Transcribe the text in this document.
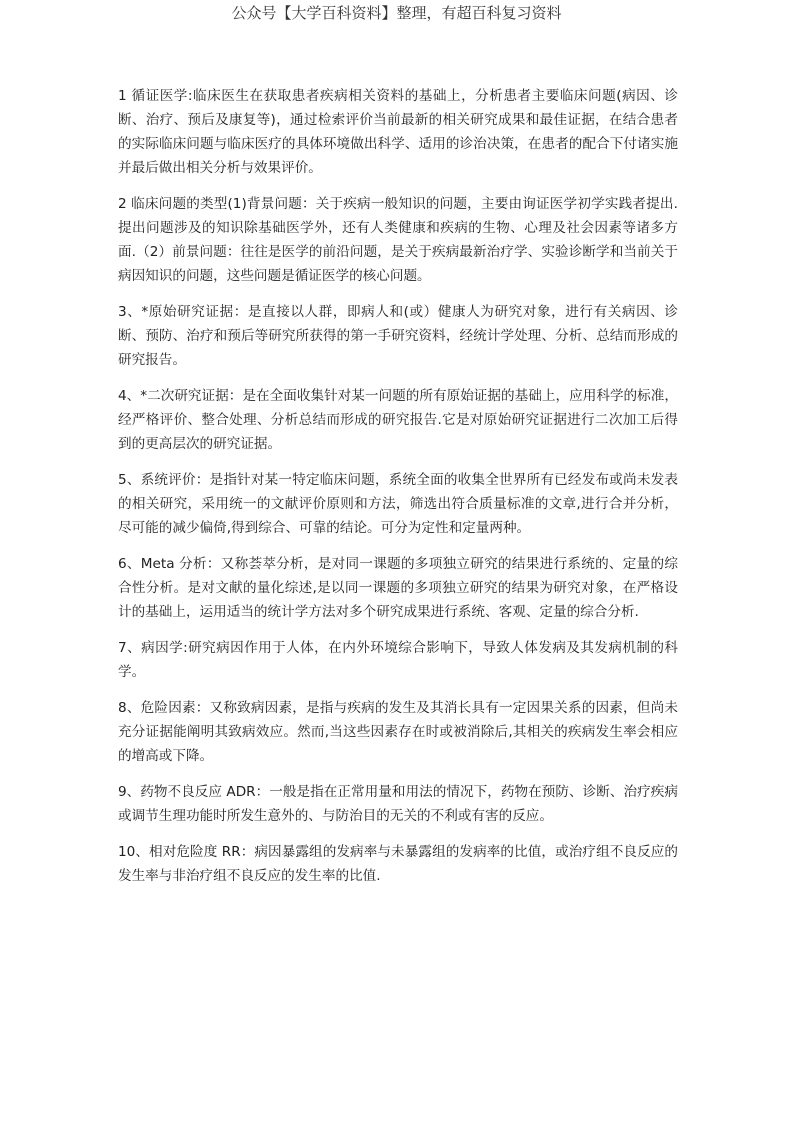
公众号【大学百科资料】整理，有超百科复习资料

1 循证医学:临床医生在获取患者疾病相关资料的基础上，分析患者主要临床问题(病因、诊断、治疗、预后及康复等)，通过检索评价当前最新的相关研究成果和最佳证据，在结合患者的实际临床问题与临床医疗的具体环境做出科学、适用的诊治决策，在患者的配合下付诸实施并最后做出相关分析与效果评价。

2 临床问题的类型(1)背景问题：关于疾病一般知识的问题，主要由询证医学初学实践者提出.提出问题涉及的知识除基础医学外，还有人类健康和疾病的生物、心理及社会因素等诸多方面.（2）前景问题：往往是医学的前沿问题，是关于疾病最新治疗学、实验诊断学和当前关于病因知识的问题，这些问题是循证医学的核心问题。

3、*原始研究证据：是直接以人群，即病人和(或）健康人为研究对象，进行有关病因、诊断、预防、治疗和预后等研究所获得的第一手研究资料，经统计学处理、分析、总结而形成的研究报告。

4、*二次研究证据：是在全面收集针对某一问题的所有原始证据的基础上，应用科学的标准，经严格评价、整合处理、分析总结而形成的研究报告.它是对原始研究证据进行二次加工后得到的更高层次的研究证据。

5、系统评价：是指针对某一特定临床问题，系统全面的收集全世界所有已经发布或尚未发表的相关研究，采用统一的文献评价原则和方法，筛选出符合质量标准的文章,进行合并分析，尽可能的减少偏倚,得到综合、可靠的结论。可分为定性和定量两种。

6、Meta 分析：又称荟萃分析，是对同一课题的多项独立研究的结果进行系统的、定量的综合性分析。是对文献的量化综述,是以同一课题的多项独立研究的结果为研究对象，在严格设计的基础上，运用适当的统计学方法对多个研究成果进行系统、客观、定量的综合分析.

7、病因学:研究病因作用于人体，在内外环境综合影响下，导致人体发病及其发病机制的科学。

8、危险因素：又称致病因素，是指与疾病的发生及其消长具有一定因果关系的因素，但尚未充分证据能阐明其致病效应。然而,当这些因素存在时或被消除后,其相关的疾病发生率会相应的增高或下降。

9、药物不良反应 ADR：一般是指在正常用量和用法的情况下，药物在预防、诊断、治疗疾病或调节生理功能时所发生意外的、与防治目的无关的不利或有害的反应。

10、相对危险度 RR：病因暴露组的发病率与未暴露组的发病率的比值，或治疗组不良反应的发生率与非治疗组不良反应的发生率的比值.
